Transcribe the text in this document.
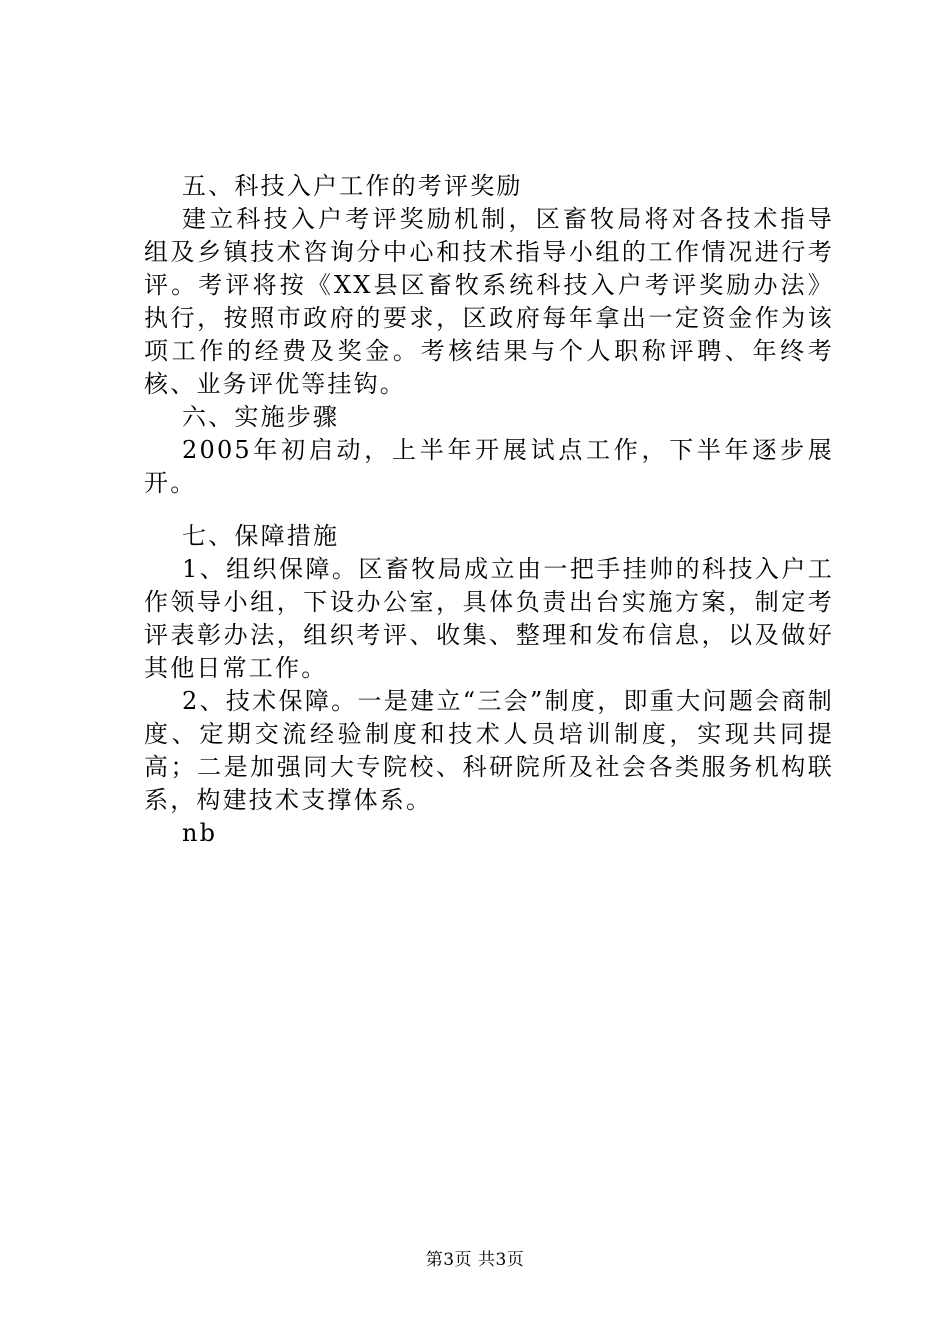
五、科技入户工作的考评奖励

建立科技入户考评奖励机制，区畜牧局将对各技术指导组及乡镇技术咨询分中心和技术指导小组的工作情况进行考评。考评将按《XX县区畜牧系统科技入户考评奖励办法》执行，按照市政府的要求，区政府每年拿出一定资金作为该项工作的经费及奖金。考核结果与个人职称评聘、年终考核、业务评优等挂钩。

六、实施步骤

2005年初启动，上半年开展试点工作，下半年逐步展开。

七、保障措施

1、组织保障。区畜牧局成立由一把手挂帅的科技入户工作领导小组，下设办公室，具体负责出台实施方案，制定考评表彰办法，组织考评、收集、整理和发布信息，以及做好其他日常工作。

2、技术保障。一是建立“三会”制度，即重大问题会商制度、定期交流经验制度和技术人员培训制度，实现共同提高；二是加强同大专院校、科研院所及社会各类服务机构联系，构建技术支撑体系。

nb

第3页 共3页
